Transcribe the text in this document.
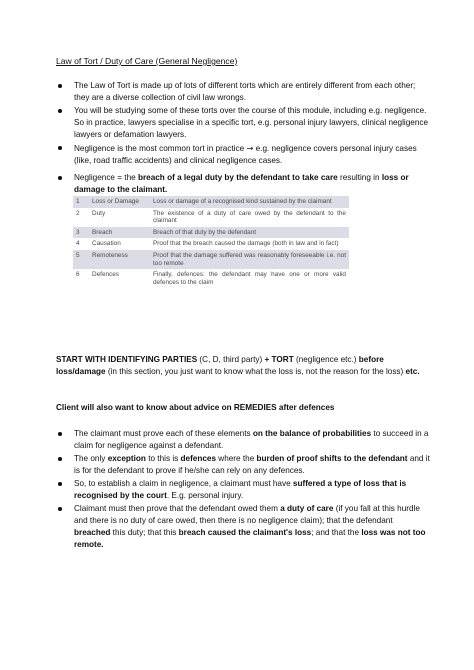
Law of Tort / Duty of Care (General Negligence)
The Law of Tort is made up of lots of different torts which are entirely different from each other; they are a diverse collection of civil law wrongs.
You will be studying some of these torts over the course of this module, including e.g. negligence. So in practice, lawyers specialise in a specific tort, e.g. personal injury lawyers, clinical negligence lawyers or defamation lawyers.
Negligence is the most common tort in practice → e.g. negligence covers personal injury cases (like, road traffic accidents) and clinical negligence cases.
Negligence = the breach of a legal duty by the defendant to take care resulting in loss or damage to the claimant.
1	Loss or Damage	Loss or damage of a recognised kind sustained by the claimant
2	Duty	The existence of a duty of care owed by the defendant to the claimant
3	Breach	Breach of that duty by the defendant
4	Causation	Proof that the breach caused the damage (both in law and in fact)
5	Remoteness	Proof that the damage suffered was reasonably foreseeable i.e. not too remote
6	Defences	Finally, defences: the defendant may have one or more valid defences to the claim
START WITH IDENTIFYING PARTIES (C, D, third party) + TORT (negligence etc.) before loss/damage (in this section, you just want to know what the loss is, not the reason for the loss) etc.
Client will also want to know about advice on REMEDIES after defences
The claimant must prove each of these elements on the balance of probabilities to succeed in a claim for negligence against a defendant.
The only exception to this is defences where the burden of proof shifts to the defendant and it is for the defendant to prove if he/she can rely on any defences.
So, to establish a claim in negligence, a claimant must have suffered a type of loss that is recognised by the court. E.g. personal injury.
Claimant must then prove that the defendant owed them a duty of care (if you fall at this hurdle and there is no duty of care owed, then there is no negligence claim); that the defendant breached this duty; that this breach caused the claimant's loss; and that the loss was not too remote.
